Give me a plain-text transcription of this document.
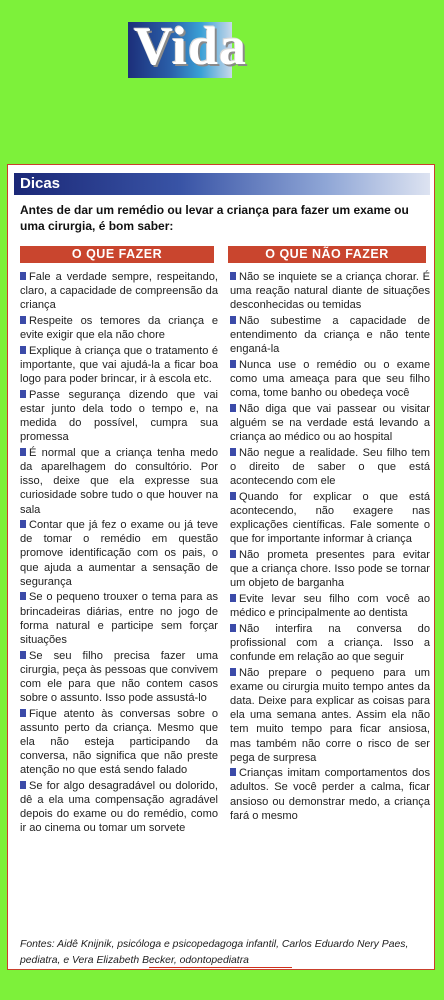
Vida
Dicas
Antes de dar um remédio ou levar a criança para fazer um exame ou uma cirurgia, é bom saber:
O QUE FAZER	O QUE NÃO FAZER
Fale a verdade sempre, respeitando, claro, a capacidade de compreensão da criança
Respeite os temores da criança e evite exigir que ela não chore
Explique à criança que o tratamento é importante, que vai ajudá-la a ficar boa logo para poder brincar, ir à escola etc.
Passe segurança dizendo que vai estar junto dela todo o tempo e, na medida do possível, cumpra sua promessa
É normal que a criança tenha medo da aparelhagem do consultório. Por isso, deixe que ela expresse sua curiosidade sobre tudo o que houver na sala
Contar que já fez o exame ou já teve de tomar o remédio em questão promove identificação com os pais, o que ajuda a aumentar a sensação de segurança
Se o pequeno trouxer o tema para as brincadeiras diárias, entre no jogo de forma natural e participe sem forçar situações
Se seu filho precisa fazer uma cirurgia, peça às pessoas que convivem com ele para que não contem casos sobre o assunto. Isso pode assustá-lo
Fique atento às conversas sobre o assunto perto da criança. Mesmo que ela não esteja participando da conversa, não significa que não preste atenção no que está sendo falado
Se for algo desagradável ou dolorido, dê a ela uma compensação agradável depois do exame ou do remédio, como ir ao cinema ou tomar um sorvete
Não se inquiete se a criança chorar. É uma reação natural diante de situações desconhecidas ou temidas
Não subestime a capacidade de entendimento da criança e não tente enganá-la
Nunca use o remédio ou o exame como uma ameaça para que seu filho coma, tome banho ou obedeça você
Não diga que vai passear ou visitar alguém se na verdade está levando a criança ao médico ou ao hospital
Não negue a realidade. Seu filho tem o direito de saber o que está acontecendo com ele
Quando for explicar o que está acontecendo, não exagere nas explicações científicas. Fale somente o que for importante informar à criança
Não prometa presentes para evitar que a criança chore. Isso pode se tornar um objeto de barganha
Evite levar seu filho com você ao médico e principalmente ao dentista
Não interfira na conversa do profissional com a criança. Isso a confunde em relação ao que seguir
Não prepare o pequeno para um exame ou cirurgia muito tempo antes da data. Deixe para explicar as coisas para ela uma semana antes. Assim ela não tem muito tempo para ficar ansiosa, mas também não corre o risco de ser pega de surpresa
Crianças imitam comportamentos dos adultos. Se você perder a calma, ficar ansioso ou demonstrar medo, a criança fará o mesmo
Fontes: Aidê Knijnik, psicóloga e psicopedagoga infantil, Carlos Eduardo Nery Paes, pediatra, e Vera Elizabeth Becker, odontopediatra
